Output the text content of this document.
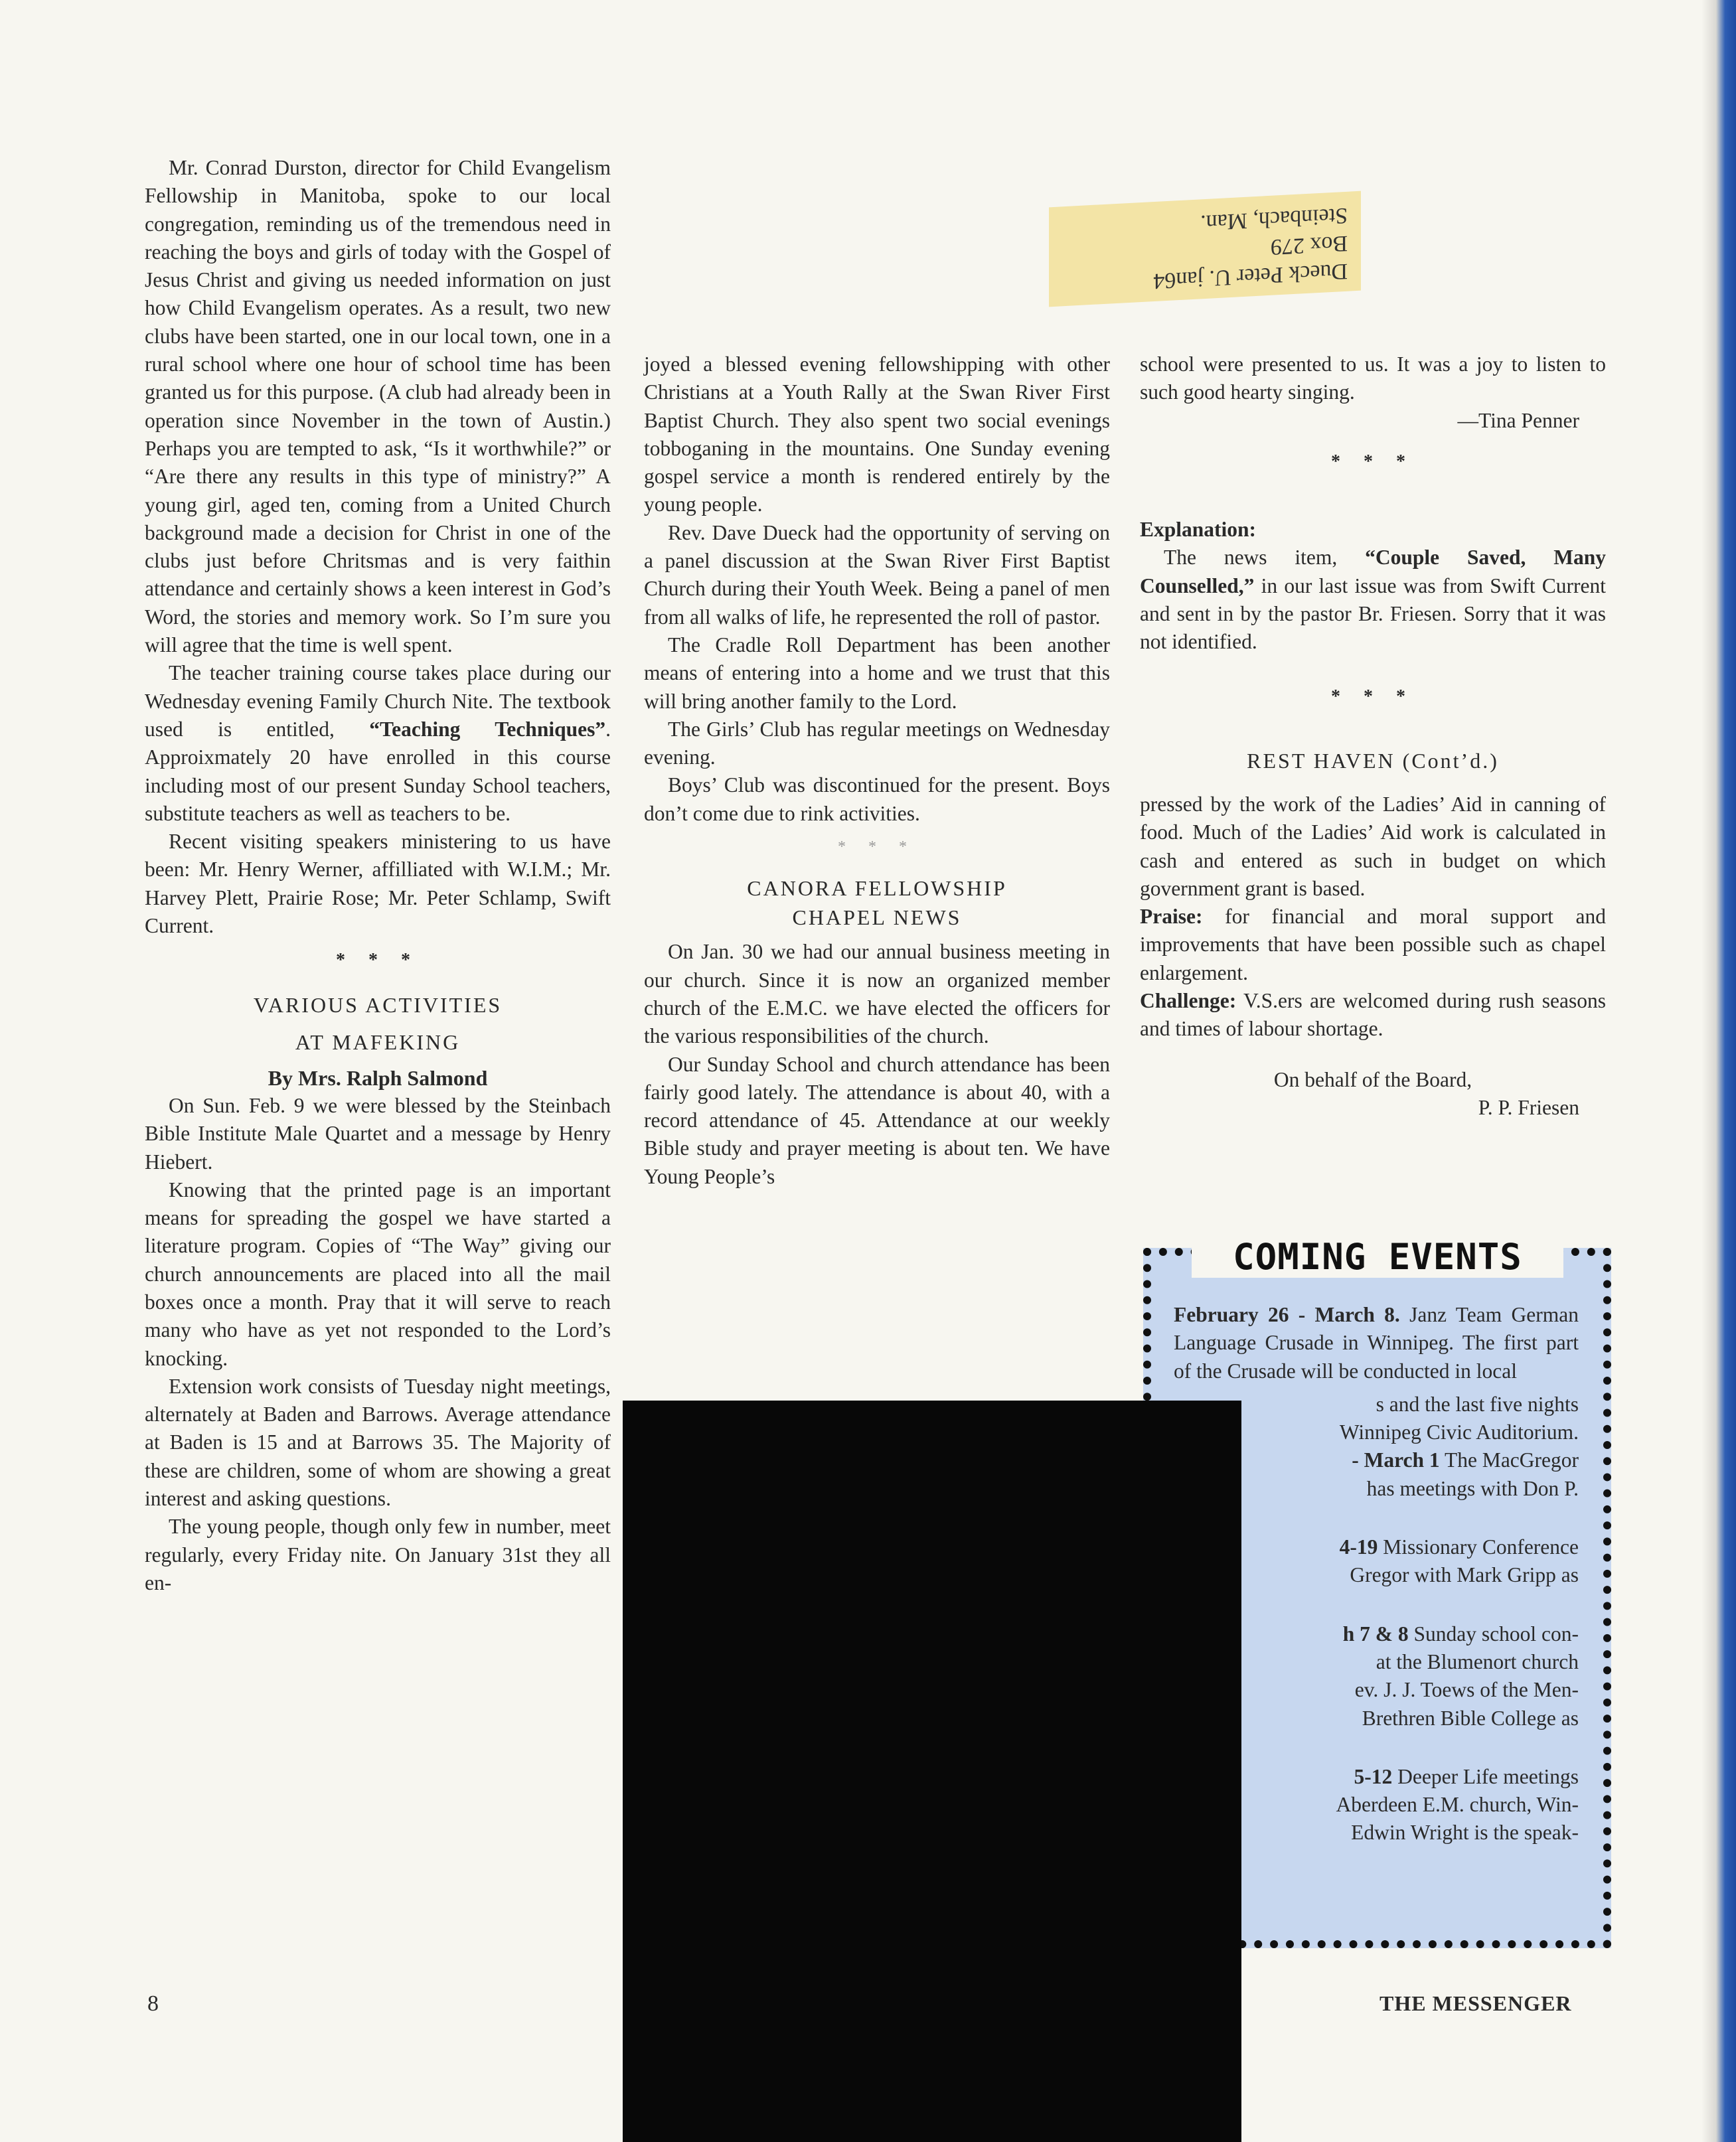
Mr. Conrad Durston, director for Child Evangelism Fellowship in Manitoba, spoke to our local congregation, reminding us of the tremendous need in reaching the boys and girls of today with the Gospel of Jesus Christ and giving us needed information on just how Child Evangelism operates. As a result, two new clubs have been started, one in our local town, one in a rural school where one hour of school time has been granted us for this purpose. (A club had already been in operation since November in the town of Austin.) Perhaps you are tempted to ask, “Is it worthwhile?” or “Are there any results in this type of ministry?” A young girl, aged ten, coming from a United Church background made a decision for Christ in one of the clubs just before Chritsmas and is very faithin attendance and certainly shows a keen interest in God’s Word, the stories and memory work. So I’m sure you will agree that the time is well spent.

The teacher training course takes place during our Wednesday evening Family Church Nite. The textbook used is entitled, “Teaching Techniques”. Approixmately 20 have enrolled in this course including most of our present Sunday School teachers, substitute teachers as well as teachers to be.

Recent visiting speakers ministering to us have been: Mr. Henry Werner, affilliated with W.I.M.; Mr. Harvey Plett, Prairie Rose; Mr. Peter Schlamp, Swift Current.

* * *
VARIOUS ACTIVITIES
AT MAFEKING
By Mrs. Ralph Salmond

On Sun. Feb. 9 we were blessed by the Steinbach Bible Institute Male Quartet and a message by Henry Hiebert.

Knowing that the printed page is an important means for spreading the gospel we have started a literature program. Copies of “The Way” giving our church announcements are placed into all the mail boxes once a month. Pray that it will serve to reach many who have as yet not responded to the Lord’s knocking.

Extension work consists of Tuesday night meetings, alternately at Baden and Barrows. Average attendance at Baden is 15 and at Barrows 35. The Majority of these are children, some of whom are showing a great interest and asking questions.

The young people, though only few in number, meet regularly, every Friday nite. On January 31st they all en-

joyed a blessed evening fellowshipping with other Christians at a Youth Rally at the Swan River First Baptist Church. They also spent two social evenings tobboganing in the mountains. One Sunday evening gospel service a month is rendered entirely by the young people.

Rev. Dave Dueck had the opportunity of serving on a panel discussion at the Swan River First Baptist Church during their Youth Week. Being a panel of men from all walks of life, he represented the roll of pastor.

The Cradle Roll Department has been another means of entering into a home and we trust that this will bring another family to the Lord.

The Girls’ Club has regular meetings on Wednesday evening.

Boys’ Club was discontinued for the present. Boys don’t come due to rink activities.

* * *
CANORA FELLOWSHIP
CHAPEL NEWS

On Jan. 30 we had our annual business meeting in our church. Since it is now an organized member church of the E.M.C. we have elected the officers for the various responsibilities of the church.

Our Sunday School and church attendance has been fairly good lately. The attendance is about 40, with a record attendance of 45. Attendance at our weekly Bible study and prayer meeting is about ten. We have Young People’s

school were presented to us. It was a joy to listen to such good hearty singing.

—Tina Penner
* * *
Explanation:

The news item, “Couple Saved, Many Counselled,” in our last issue was from Swift Current and sent in by the pastor Br. Friesen. Sorry that it was not identified.

* * *
REST HAVEN (Cont’d.)

pressed by the work of the Ladies’ Aid in canning of food. Much of the Ladies’ Aid work is calculated in cash and entered as such in budget on which government grant is based.

Praise: for financial and moral support and improvements that have been possible such as chapel enlargement.

Challenge: V.S.ers are welcomed during rush seasons and times of labour shortage.

On behalf of the Board,
P. P. Friesen
Dueck Peter U. jan64
Box 279
Steinbach, Man.
COMING EVENTS

February 26 - March 8. Janz Team German Language Crusade in Winnipeg. The first part of the Crusade will be conducted in local

s and the last five nights
Winnipeg Civic Auditorium.
- March 1 The MacGregor
has meetings with Don P.
4-19 Missionary Conference
Gregor with Mark Gripp as
h 7 & 8 Sunday school con-
at the Blumenort church
ev. J. J. Toews of the Men-
Brethren Bible College as
5-12 Deeper Life meetings
Aberdeen E.M. church, Win-
Edwin Wright is the speak-
8	THE MESSENGER
